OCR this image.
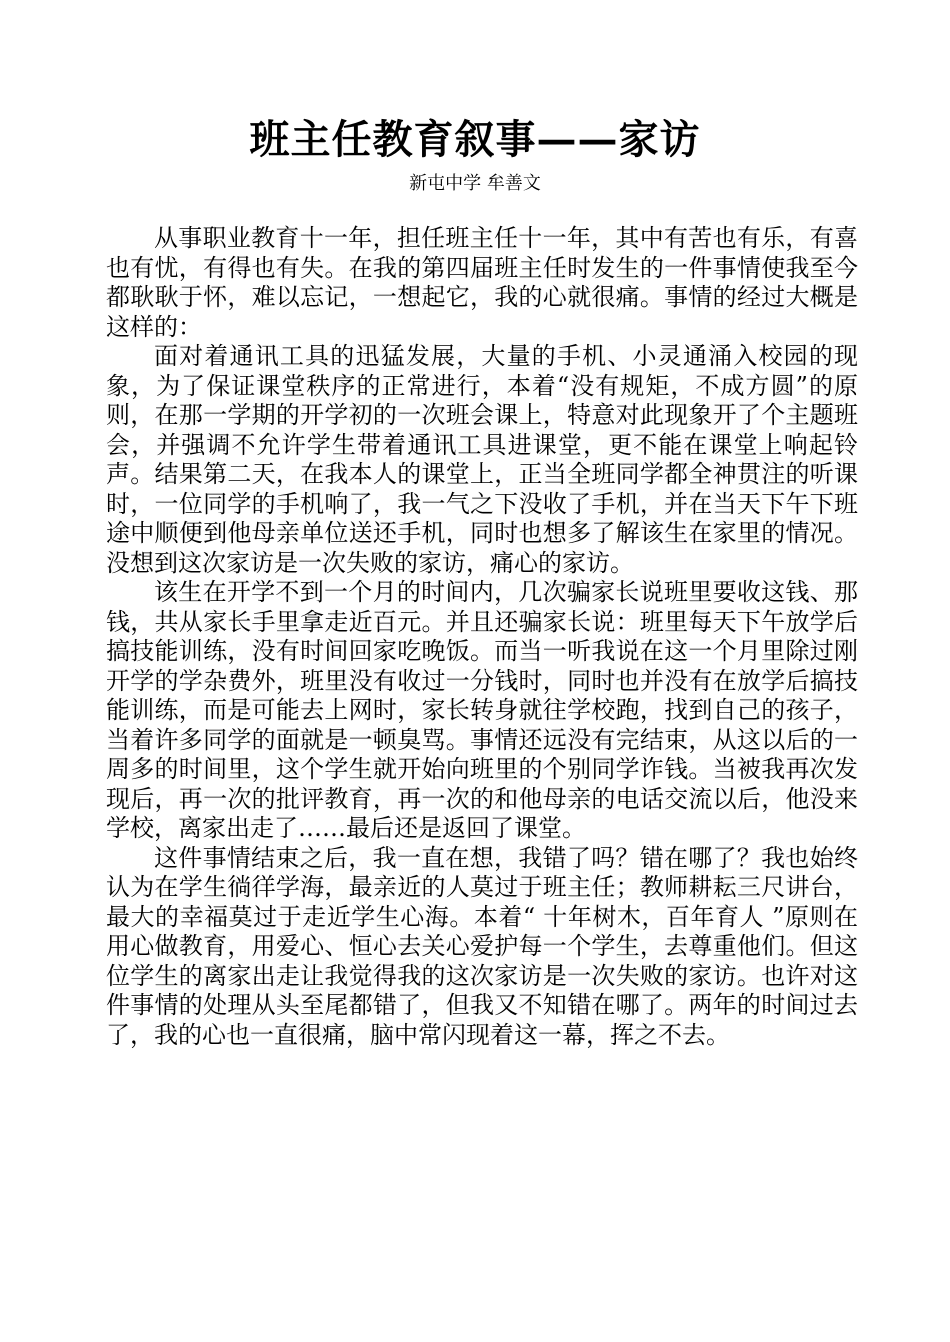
班主任教育叙事——家访
新屯中学 牟善文

从事职业教育十一年，担任班主任十一年，其中有苦也有乐，有喜也有忧，有得也有失。在我的第四届班主任时发生的一件事情使我至今都耿耿于怀，难以忘记，一想起它，我的心就很痛。事情的经过大概是这样的：

面对着通讯工具的迅猛发展，大量的手机、小灵通涌入校园的现象，为了保证课堂秩序的正常进行，本着“没有规矩，不成方圆”的原则，在那一学期的开学初的一次班会课上，特意对此现象开了个主题班会，并强调不允许学生带着通讯工具进课堂，更不能在课堂上响起铃声。结果第二天，在我本人的课堂上，正当全班同学都全神贯注的听课时，一位同学的手机响了，我一气之下没收了手机，并在当天下午下班途中顺便到他母亲单位送还手机，同时也想多了解该生在家里的情况。没想到这次家访是一次失败的家访，痛心的家访。

该生在开学不到一个月的时间内，几次骗家长说班里要收这钱、那钱，共从家长手里拿走近百元。并且还骗家长说：班里每天下午放学后搞技能训练，没有时间回家吃晚饭。而当一听我说在这一个月里除过刚开学的学杂费外，班里没有收过一分钱时，同时也并没有在放学后搞技能训练，而是可能去上网时，家长转身就往学校跑，找到自己的孩子，当着许多同学的面就是一顿臭骂。事情还远没有完结束，从这以后的一周多的时间里，这个学生就开始向班里的个别同学诈钱。当被我再次发现后，再一次的批评教育，再一次的和他母亲的电话交流以后，他没来学校，离家出走了……最后还是返回了课堂。

这件事情结束之后，我一直在想，我错了吗？错在哪了？我也始终认为在学生徜徉学海，最亲近的人莫过于班主任；教师耕耘三尺讲台，最大的幸福莫过于走近学生心海。本着“ 十年树木，百年育人 ”原则在用心做教育，用爱心、恒心去关心爱护每一个学生，去尊重他们。但这位学生的离家出走让我觉得我的这次家访是一次失败的家访。也许对这件事情的处理从头至尾都错了，但我又不知错在哪了。两年的时间过去了，我的心也一直很痛，脑中常闪现着这一幕，挥之不去。
